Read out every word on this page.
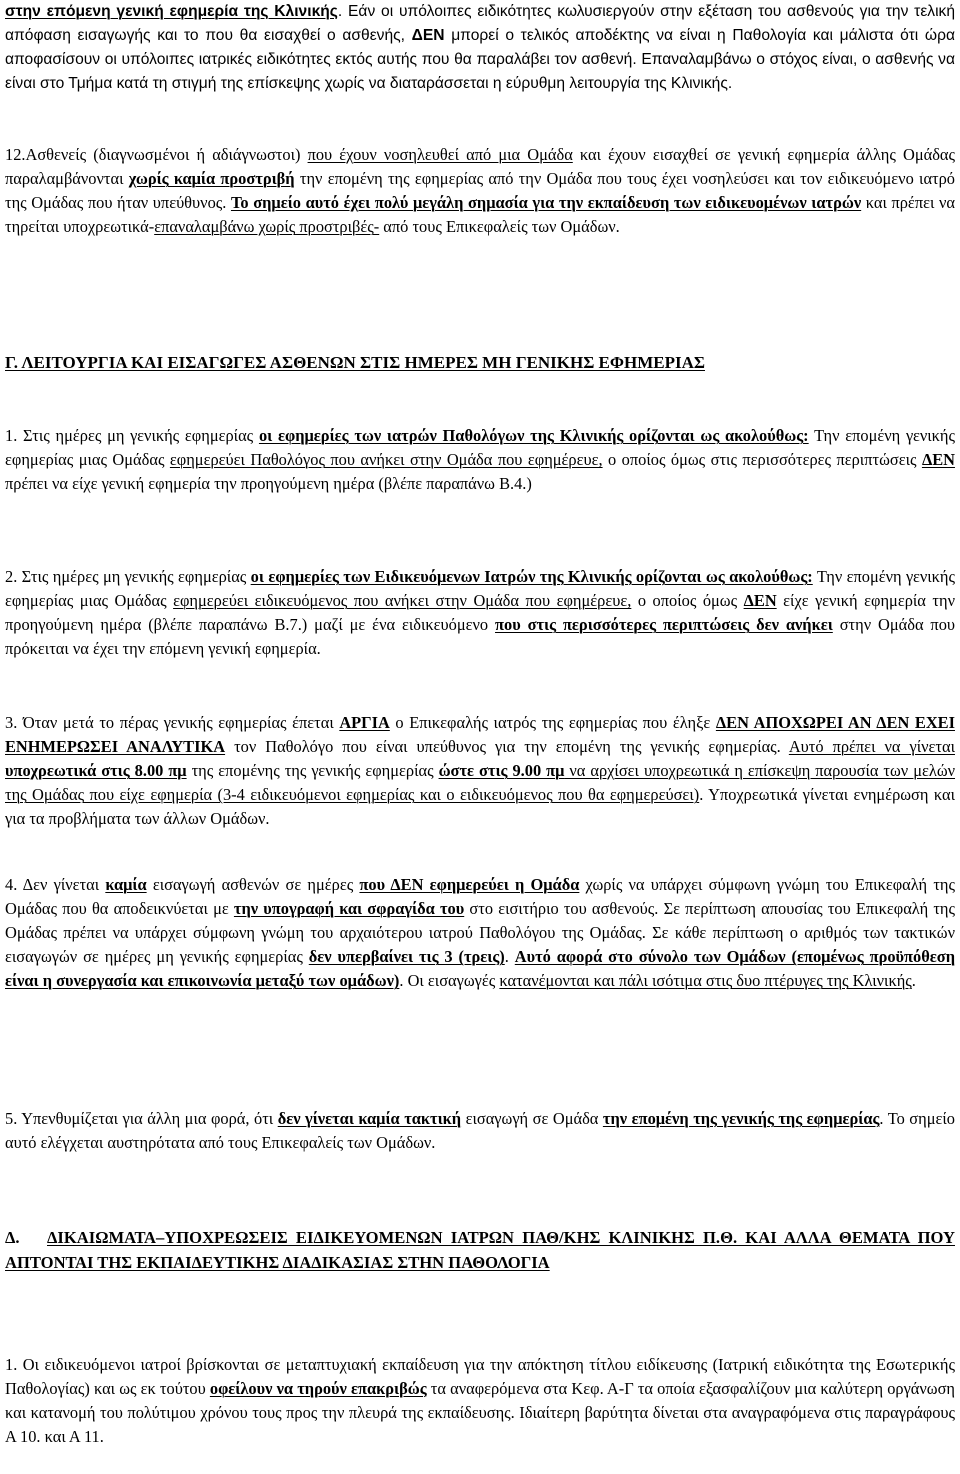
στην επόμενη γενική εφημερία της Κλινικής. Εάν οι υπόλοιπες ειδικότητες κωλυσιεργούν στην εξέταση του ασθενούς για την τελική απόφαση εισαγωγής και το που θα εισαχθεί ο ασθενής, ΔΕΝ μπορεί ο τελικός αποδέκτης να είναι η Παθολογία και μάλιστα ότι ώρα αποφασίσουν οι υπόλοιπες ιατρικές ειδικότητες εκτός αυτής που θα παραλάβει τον ασθενή. Επαναλαμβάνω ο στόχος είναι, ο ασθενής να είναι στο Τμήμα κατά τη στιγμή της επίσκεψης χωρίς να διαταράσσεται η εύρυθμη λειτουργία της Κλινικής.

12.Ασθενείς (διαγνωσμένοι ή αδιάγνωστοι) που έχουν νοσηλευθεί από μια Ομάδα και έχουν εισαχθεί σε γενική εφημερία άλλης Ομάδας παραλαμβάνονται χωρίς καμία προστριβή την επομένη της εφημερίας από την Ομάδα που τους έχει νοσηλεύσει και τον ειδικευόμενο ιατρό της Ομάδας που ήταν υπεύθυνος. Το σημείο αυτό έχει πολύ μεγάλη σημασία για την εκπαίδευση των ειδικευομένων ιατρών και πρέπει να τηρείται υποχρεωτικά-επαναλαμβάνω χωρίς προστριβές- από τους Επικεφαλείς των Ομάδων.

Γ. ΛΕΙΤΟΥΡΓΙΑ ΚΑΙ ΕΙΣΑΓΩΓΕΣ ΑΣΘΕΝΩΝ ΣΤΙΣ ΗΜΕΡΕΣ ΜΗ ΓΕΝΙΚΗΣ ΕΦΗΜΕΡΙΑΣ

1. Στις ημέρες μη γενικής εφημερίας οι εφημερίες των ιατρών Παθολόγων της Κλινικής ορίζονται ως ακολούθως: Την επομένη γενικής εφημερίας μιας Ομάδας εφημερεύει Παθολόγος που ανήκει στην Ομάδα που εφημέρευε, ο οποίος όμως στις περισσότερες περιπτώσεις ΔΕΝ πρέπει να είχε γενική εφημερία την προηγούμενη ημέρα (βλέπε παραπάνω Β.4.)

2. Στις ημέρες μη γενικής εφημερίας οι εφημερίες των Ειδικευόμενων Ιατρών της Κλινικής ορίζονται ως ακολούθως: Την επομένη γενικής εφημερίας μιας Ομάδας εφημερεύει ειδικευόμενος που ανήκει στην Ομάδα που εφημέρευε, ο οποίος όμως ΔΕΝ είχε γενική εφημερία την προηγούμενη ημέρα (βλέπε παραπάνω Β.7.) μαζί με ένα ειδικευόμενο που στις περισσότερες περιπτώσεις δεν ανήκει στην Ομάδα που πρόκειται να έχει την επόμενη γενική εφημερία.

3. Όταν μετά το πέρας γενικής εφημερίας έπεται ΑΡΓΙΑ ο Επικεφαλής ιατρός της εφημερίας που έληξε ΔΕΝ ΑΠΟΧΩΡΕΙ ΑΝ ΔΕΝ ΕΧΕΙ ΕΝΗΜΕΡΩΣΕΙ ΑΝΑΛΥΤΙΚΑ τον Παθολόγο που είναι υπεύθυνος για την επομένη της γενικής εφημερίας. Αυτό πρέπει να γίνεται υποχρεωτικά στις 8.00 πμ της επομένης της γενικής εφημερίας ώστε στις 9.00 πμ να αρχίσει υποχρεωτικά η επίσκεψη παρουσία των μελών της Ομάδας που είχε εφημερία (3-4 ειδικευόμενοι εφημερίας και ο ειδικευόμενος που θα εφημερεύσει). Υποχρεωτικά γίνεται ενημέρωση και για τα προβλήματα των άλλων Ομάδων.

4. Δεν γίνεται καμία εισαγωγή ασθενών σε ημέρες που ΔΕΝ εφημερεύει η Ομάδα χωρίς να υπάρχει σύμφωνη γνώμη του Επικεφαλή της Ομάδας που θα αποδεικνύεται με την υπογραφή και σφραγίδα του στο εισιτήριο του ασθενούς. Σε περίπτωση απουσίας του Επικεφαλή της Ομάδας πρέπει να υπάρχει σύμφωνη γνώμη του αρχαιότερου ιατρού Παθολόγου της Ομάδας. Σε κάθε περίπτωση ο αριθμός των τακτικών εισαγωγών σε ημέρες μη γενικής εφημερίας δεν υπερβαίνει τις 3 (τρεις). Αυτό αφορά στο σύνολο των Ομάδων (επομένως προϋπόθεση είναι η συνεργασία και επικοινωνία μεταξύ των ομάδων). Οι εισαγωγές κατανέμονται και πάλι ισότιμα στις δυο πτέρυγες της Κλινικής.

5. Υπενθυμίζεται για άλλη μια φορά, ότι δεν γίνεται καμία τακτική εισαγωγή σε Ομάδα την επομένη της γενικής της εφημερίας. Το σημείο αυτό ελέγχεται αυστηρότατα από τους Επικεφαλείς των Ομάδων.

Δ. ΔΙΚΑΙΩΜΑΤΑ–ΥΠΟΧΡΕΩΣΕΙΣ ΕΙΔΙΚΕΥΟΜΕΝΩΝ ΙΑΤΡΩΝ ΠΑΘ/ΚΗΣ ΚΛΙΝΙΚΗΣ Π.Θ. ΚΑΙ ΑΛΛΑ ΘΕΜΑΤΑ ΠΟΥ ΑΠΤΟΝΤΑΙ ΤΗΣ ΕΚΠΑΙΔΕΥΤΙΚΗΣ ΔΙΑΔΙΚΑΣΙΑΣ ΣΤΗΝ ΠΑΘΟΛΟΓΙΑ

1. Οι ειδικευόμενοι ιατροί βρίσκονται σε μεταπτυχιακή εκπαίδευση για την απόκτηση τίτλου ειδίκευσης (Ιατρική ειδικότητα της Εσωτερικής Παθολογίας) και ως εκ τούτου οφείλουν να τηρούν επακριβώς τα αναφερόμενα στα Κεφ. Α-Γ τα οποία εξασφαλίζουν μια καλύτερη οργάνωση και κατανομή του πολύτιμου χρόνου τους προς την πλευρά της εκπαίδευσης. Ιδιαίτερη βαρύτητα δίνεται στα αναγραφόμενα στις παραγράφους Α 10. και Α 11.
